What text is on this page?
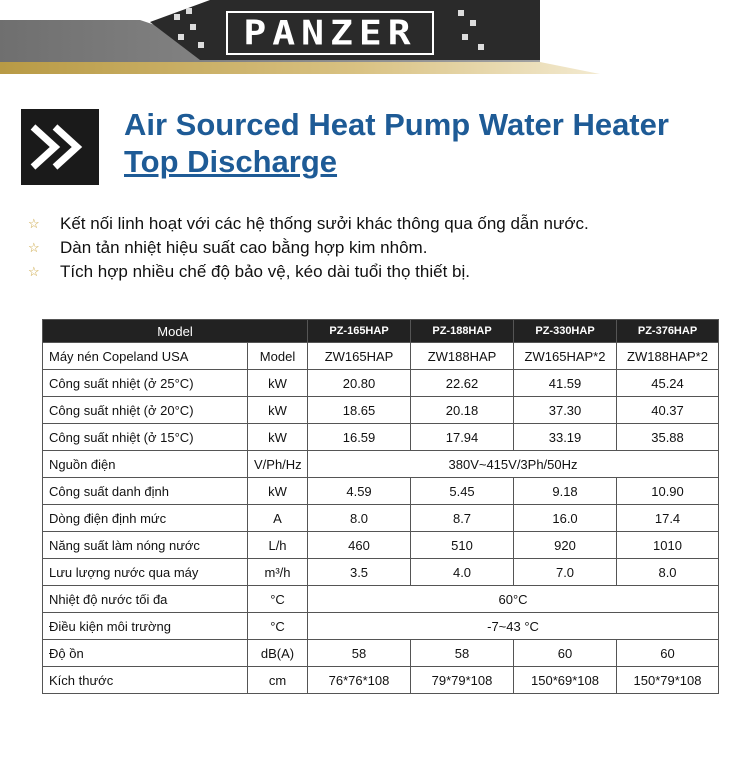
PANZER
Air Sourced Heat Pump Water Heater
Top Discharge
☆	Kết nối linh hoạt với các hệ thống sưởi khác thông qua ống dẫn nước.
☆	Dàn tản nhiệt hiệu suất cao bằng hợp kim nhôm.
☆	Tích hợp nhiều chế độ bảo vệ, kéo dài tuổi thọ thiết bị.
Model		PZ-165HAP	PZ-188HAP	PZ-330HAP	PZ-376HAP
Máy nén Copeland USA	Model	ZW165HAP	ZW188HAP	ZW165HAP*2	ZW188HAP*2
Công suất nhiệt (ở 25°C)	kW	20.80	22.62	41.59	45.24
Công suất nhiệt (ở 20°C)	kW	18.65	20.18	37.30	40.37
Công suất nhiệt (ở 15°C)	kW	16.59	17.94	33.19	35.88
Nguồn điện	V/Ph/Hz	380V~415V/3Ph/50Hz			
Công suất danh định	kW	4.59	5.45	9.18	10.90
Dòng điện định mức	A	8.0	8.7	16.0	17.4
Năng suất làm nóng nước	L/h	460	510	920	1010
Lưu lượng nước qua máy	m³/h	3.5	4.0	7.0	8.0
Nhiệt độ nước tối đa	°C	60°C			
Điều kiện môi trường	°C	-7~43 °C			
Độ ồn	dB(A)	58	58	60	60
Kích thước	cm	76*76*108	79*79*108	150*69*108	150*79*108
